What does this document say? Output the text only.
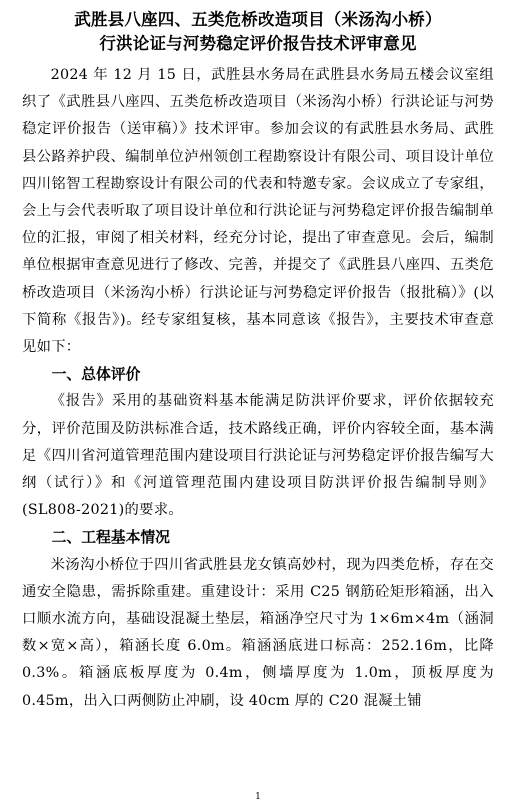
武胜县八座四、五类危桥改造项目（米汤沟小桥）
行洪论证与河势稳定评价报告技术评审意见

2024 年 12 月 15 日，武胜县水务局在武胜县水务局五楼会议室组织了《武胜县八座四、五类危桥改造项目（米汤沟小桥）行洪论证与河势稳定评价报告（送审稿）》技术评审。参加会议的有武胜县水务局、武胜县公路养护段、编制单位泸州领创工程勘察设计有限公司、项目设计单位四川铭智工程勘察设计有限公司的代表和特邀专家。会议成立了专家组，会上与会代表听取了项目设计单位和行洪论证与河势稳定评价报告编制单位的汇报，审阅了相关材料，经充分讨论，提出了审查意见。会后，编制单位根据审查意见进行了修改、完善，并提交了《武胜县八座四、五类危桥改造项目（米汤沟小桥）行洪论证与河势稳定评价报告（报批稿）》(以下简称《报告》)。经专家组复核，基本同意该《报告》，主要技术审查意见如下：

一、总体评价

《报告》采用的基础资料基本能满足防洪评价要求，评价依据较充分，评价范围及防洪标准合适，技术路线正确，评价内容较全面，基本满足《四川省河道管理范围内建设项目行洪论证与河势稳定评价报告编写大纲（试行）》和《河道管理范围内建设项目防洪评价报告编制导则》(SL808-2021)的要求。

二、工程基本情况

米汤沟小桥位于四川省武胜县龙女镇高妙村，现为四类危桥，存在交通安全隐患，需拆除重建。重建设计：采用 C25 钢筋砼矩形箱涵，出入口顺水流方向，基础设混凝土垫层，箱涵净空尺寸为 1×6m×4m（涵洞数×宽×高），箱涵长度 6.0m。箱涵涵底进口标高：252.16m，比降 0.3%。箱涵底板厚度为 0.4m，侧墙厚度为 1.0m，顶板厚度为 0.45m，出入口两侧防止冲刷，设 40cm 厚的 C20 混凝土铺

1
